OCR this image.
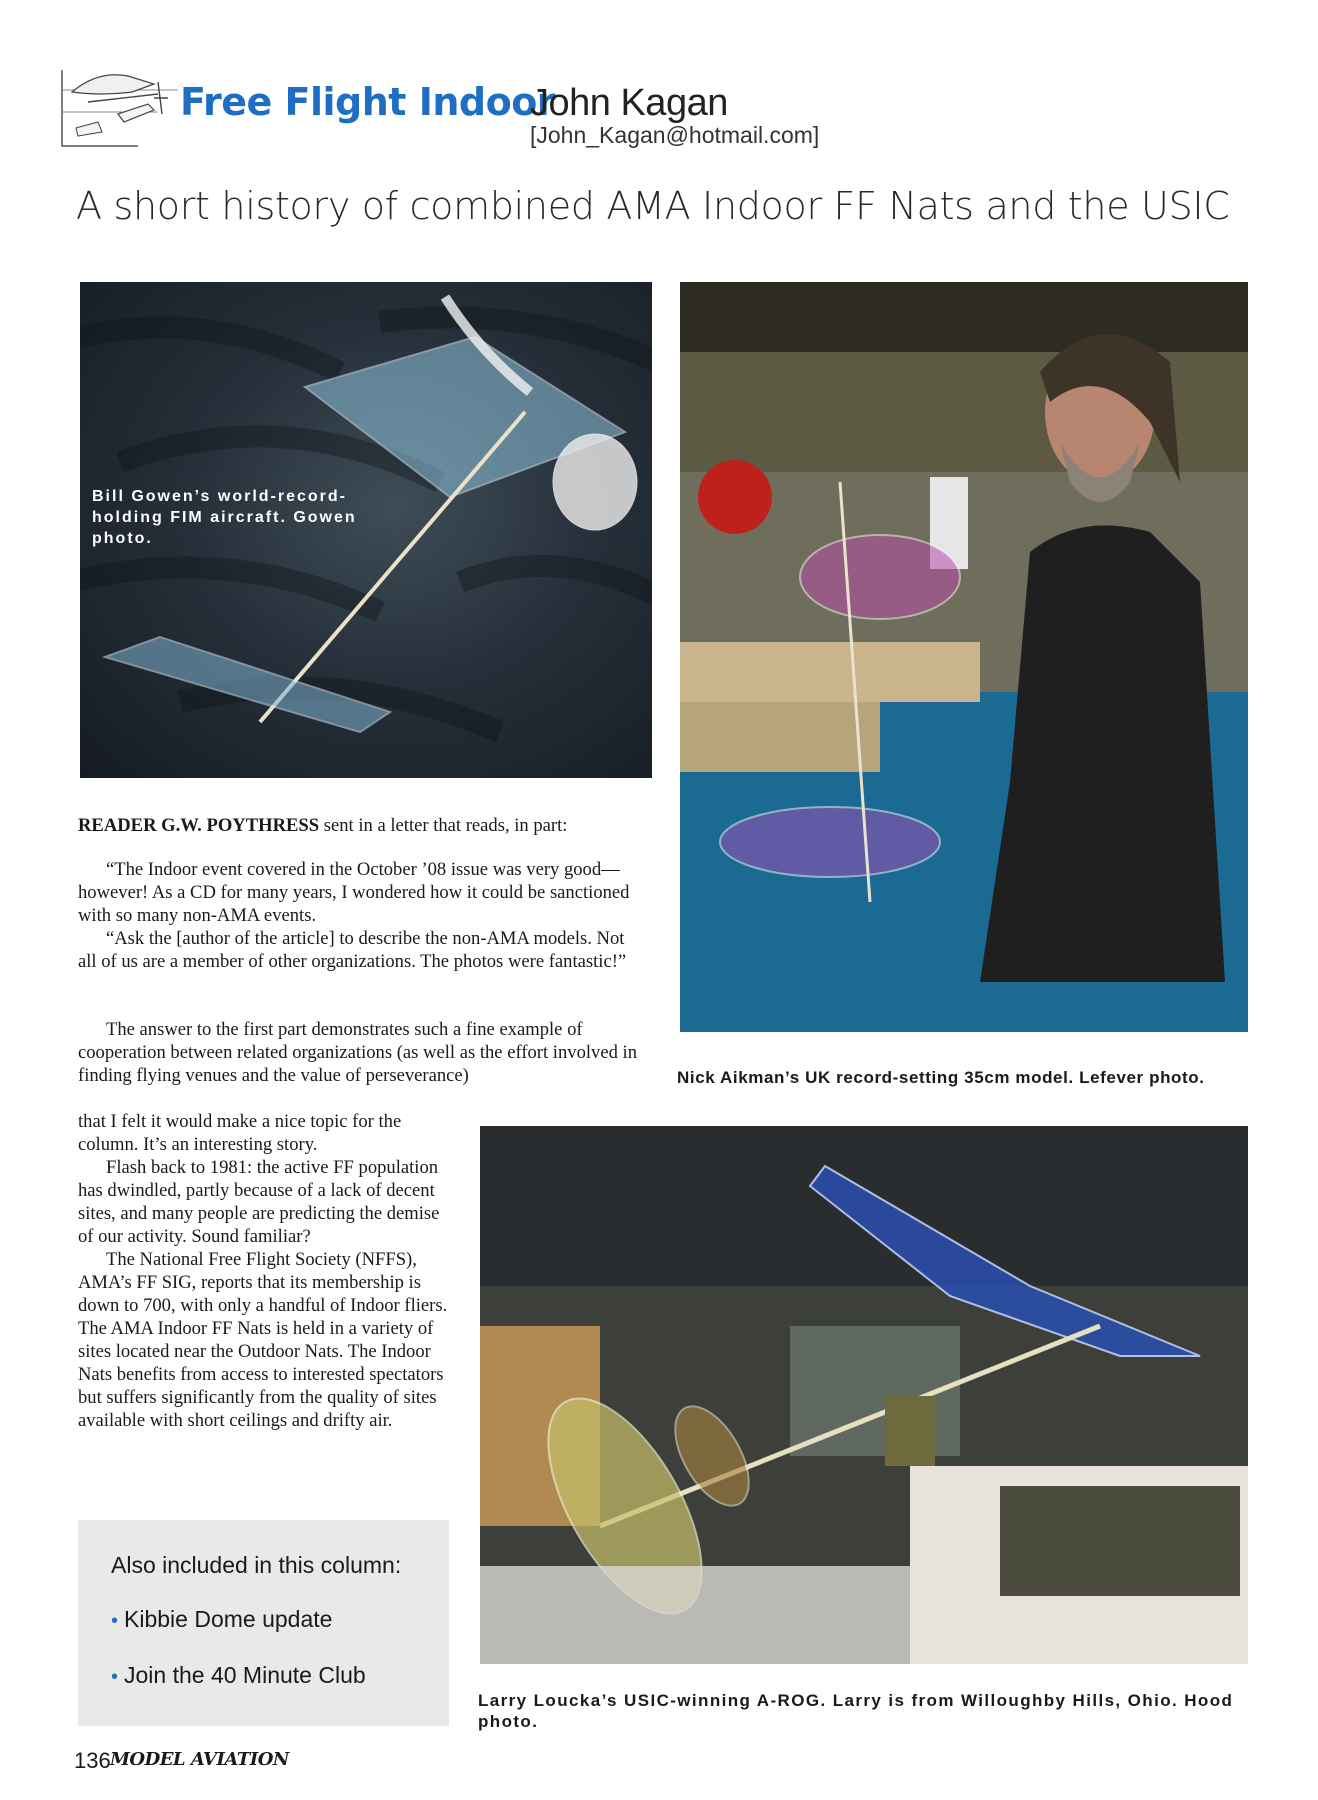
Free Flight Indoor
John Kagan
[John_Kagan@hotmail.com]
A short history of combined AMA Indoor FF Nats and the USIC
Bill Gowen’s world-record-holding FIM aircraft. Gowen photo.
Nick Aikman’s UK record-setting 35cm model. Lefever photo.
Larry Loucka’s USIC-winning A-ROG. Larry is from Willoughby Hills, Ohio. Hood photo.
READER G.W. POYTHRESS sent in a letter that reads, in part:

“The Indoor event covered in the October ’08 issue was very good—however! As a CD for many years, I wondered how it could be sanctioned with so many non-AMA events.

“Ask the [author of the article] to describe the non-AMA models. Not all of us are a member of other organizations. The photos were fantastic!”

The answer to the first part demonstrates such a fine example of cooperation between related organizations (as well as the effort involved in finding flying venues and the value of perseverance)

that I felt it would make a nice topic for the column. It’s an interesting story.

Flash back to 1981: the active FF population has dwindled, partly because of a lack of decent sites, and many people are predicting the demise of our activity. Sound familiar?

The National Free Flight Society (NFFS), AMA’s FF SIG, reports that its membership is down to 700, with only a handful of Indoor fliers. The AMA Indoor FF Nats is held in a variety of sites located near the Outdoor Nats. The Indoor Nats benefits from access to interested spectators but suffers significantly from the quality of sites available with short ceilings and drifty air.

Also included in this column:
• Kibbie Dome update
• Join the 40 Minute Club
136 MODEL AVIATION
